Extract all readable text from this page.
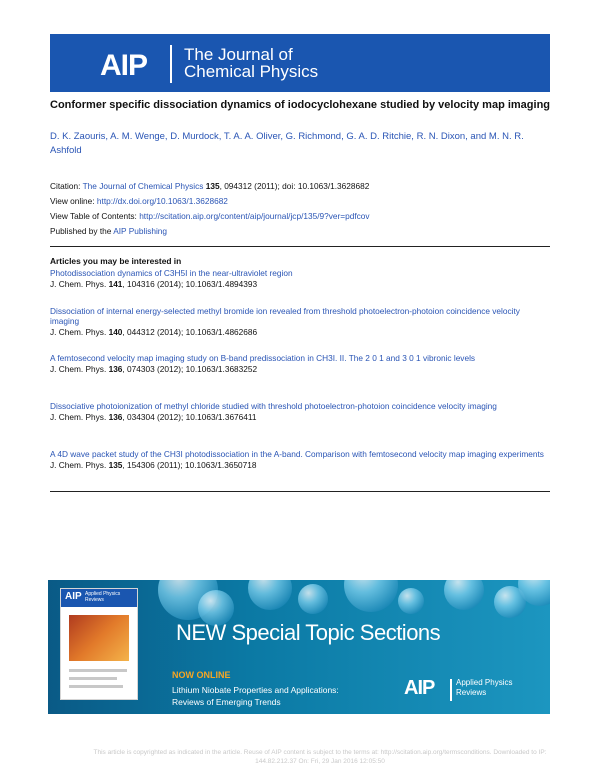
AIP The Journal of
Chemical Physics
Conformer specific dissociation dynamics of iodocyclohexane studied by velocity map imaging
D. K. Zaouris, A. M. Wenge, D. Murdock, T. A. A. Oliver, G. Richmond, G. A. D. Ritchie, R. N. Dixon, and M. N. R. Ashfold
Citation: The Journal of Chemical Physics 135, 094312 (2011); doi: 10.1063/1.3628682
View online: http://dx.doi.org/10.1063/1.3628682
View Table of Contents: http://scitation.aip.org/content/aip/journal/jcp/135/9?ver=pdfcov
Published by the AIP Publishing
Articles you may be interested in
Photodissociation dynamics of C3H5I in the near-ultraviolet region
J. Chem. Phys. 141, 104316 (2014); 10.1063/1.4894393
Dissociation of internal energy-selected methyl bromide ion revealed from threshold photoelectron-photoion coincidence velocity imaging
J. Chem. Phys. 140, 044312 (2014); 10.1063/1.4862686
A femtosecond velocity map imaging study on B-band predissociation in CH3I. II. The 2 0 1 and 3 0 1 vibronic levels
J. Chem. Phys. 136, 074303 (2012); 10.1063/1.3683252
Dissociative photoionization of methyl chloride studied with threshold photoelectron-photoion coincidence velocity imaging
J. Chem. Phys. 136, 034304 (2012); 10.1063/1.3676411
A 4D wave packet study of the CH3I photodissociation in the A-band. Comparison with femtosecond velocity map imaging experiments
J. Chem. Phys. 135, 154306 (2011); 10.1063/1.3650718
AIP Applied Physics Reviews
NEW Special Topic Sections
NOW ONLINE
Lithium Niobate Properties and Applications:
Reviews of Emerging Trends
AIP	Applied Physics
Reviews
This article is copyrighted as indicated in the article. Reuse of AIP content is subject to the terms at: http://scitation.aip.org/termsconditions. Downloaded to IP:
144.82.212.37 On: Fri, 29 Jan 2016 12:05:50
